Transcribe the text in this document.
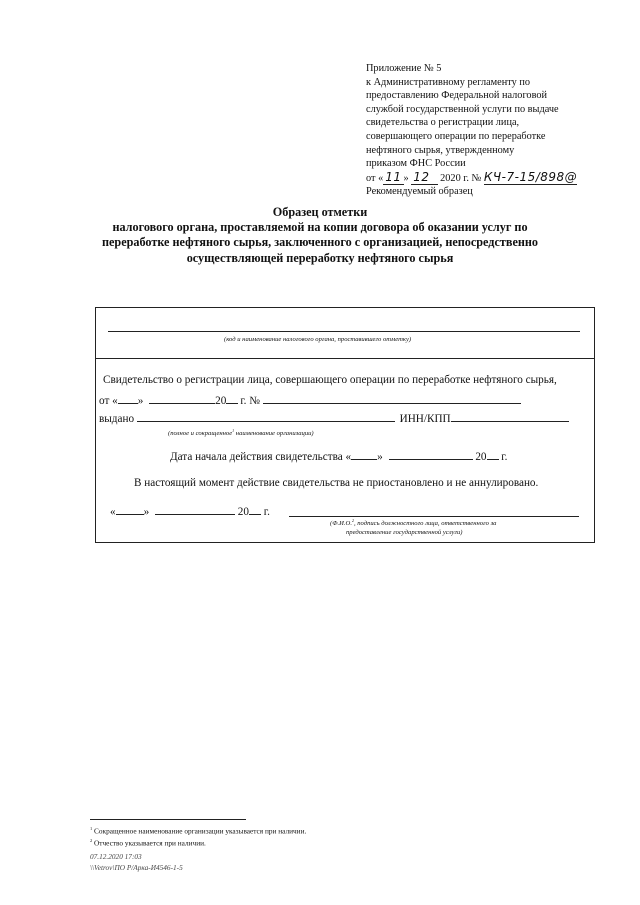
Приложение № 5
к Административному регламенту по
предоставлению Федеральной налоговой
службой государственной услуги по выдаче
свидетельства о регистрации лица,
совершающего операции по переработке
нефтяного сырья, утвержденному
приказом ФНС России
от « 11 » 12 2020 г. № КЧ-7-15/898@
Рекомендуемый образец
Образец отметки
налогового органа, проставляемой на копии договора об оказании услуг по
переработке нефтяного сырья, заключенного с организацией, непосредственно
осуществляющей переработку нефтяного сырья
(код и наименование налогового органа, проставившего отметку)
Свидетельство о регистрации лица, совершающего операции по переработке нефтяного сырья,
от « »	20 г. №
выдано	ИНН/КПП
(полное и сокращенное$^1$ наименование организации)
Дата начала действия свидетельства « »	20 г.
В настоящий момент действие свидетельства не приостановлено и не аннулировано.
«	»	20 г.
(Ф.И.О.$^2$, подпись должностного лица, ответственного за
предоставление государственной услуги)
$^1$ Сокращенное наименование организации указывается при наличии.
$^2$ Отчество указывается при наличии.
07.12.2020 17:03
\\Vetrov\ПО Р/Арка-И4546-1-5
